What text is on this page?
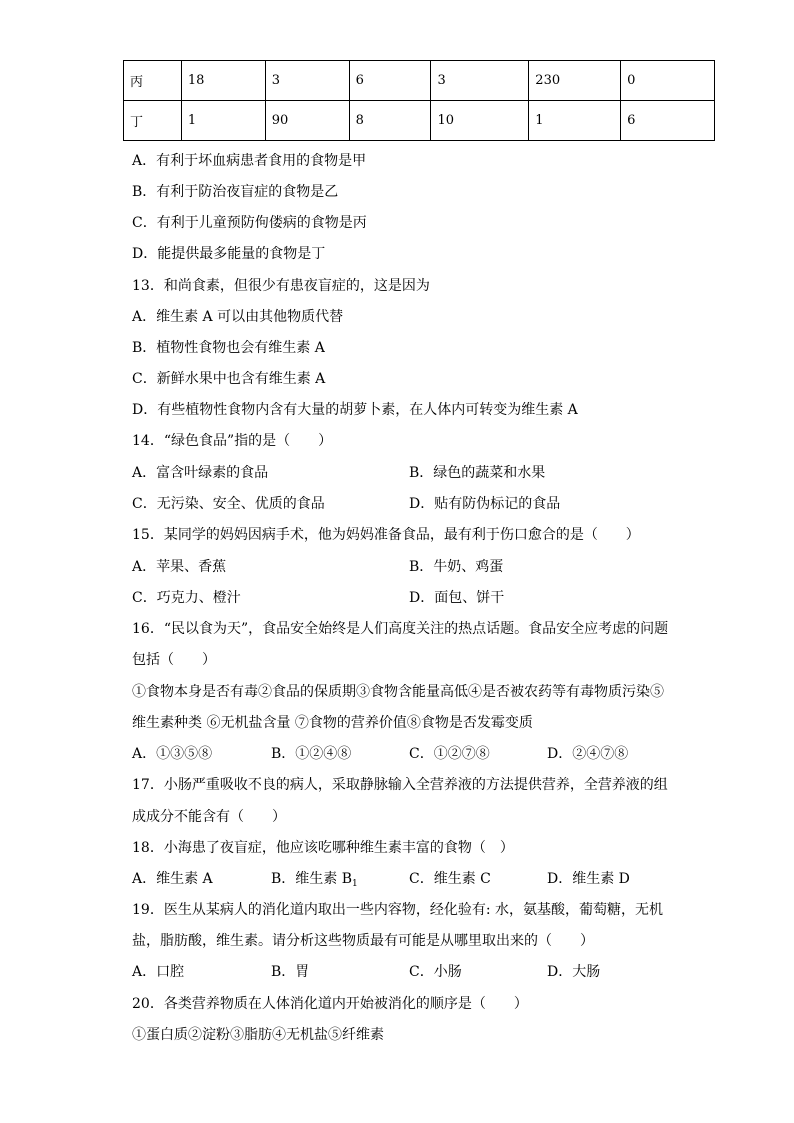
丙	18	3	6	3	230	0
丁	1	90	8	10	1	6
A．有利于坏血病患者食用的食物是甲
B．有利于防治夜盲症的食物是乙
C．有利于儿童预防佝偻病的食物是丙
D．能提供最多能量的食物是丁
13．和尚食素，但很少有患夜盲症的，这是因为
A．维生素 A 可以由其他物质代替
B．植物性食物也会有维生素 A
C．新鲜水果中也含有维生素 A
D．有些植物性食物内含有大量的胡萝卜素，在人体内可转变为维生素 A
14．“绿色食品”指的是（　　）
A．富含叶绿素的食品	B．绿色的蔬菜和水果
C．无污染、安全、优质的食品	D．贴有防伪标记的食品
15．某同学的妈妈因病手术，他为妈妈准备食品，最有利于伤口愈合的是（　　）
A．苹果、香蕉	B．牛奶、鸡蛋
C．巧克力、橙汁	D．面包、饼干
16．“民以食为天”，食品安全始终是人们高度关注的热点话题。食品安全应考虑的问题
包括（　　）
①食物本身是否有毒②食品的保质期③食物含能量高低④是否被农药等有毒物质污染⑤
维生素种类 ⑥无机盐含量 ⑦食物的营养价值⑧食物是否发霉变质
A．①③⑤⑧	B．①②④⑧	C．①②⑦⑧	D．②④⑦⑧
17．小肠严重吸收不良的病人，采取静脉输入全营养液的方法提供营养，全营养液的组
成成分不能含有（　　）
18．小海患了夜盲症，他应该吃哪种维生素丰富的食物（　）
A．维生素 A	B．维生素 $B_1$	C．维生素 C	D．维生素 D
19．医生从某病人的消化道内取出一些内容物，经化验有: 水，氨基酸，葡萄糖，无机
盐，脂肪酸，维生素。请分析这些物质最有可能是从哪里取出来的（　　）
A．口腔	B．胃	C．小肠	D．大肠
20．各类营养物质在人体消化道内开始被消化的顺序是（　　）
①蛋白质②淀粉③脂肪④无机盐⑤纤维素
